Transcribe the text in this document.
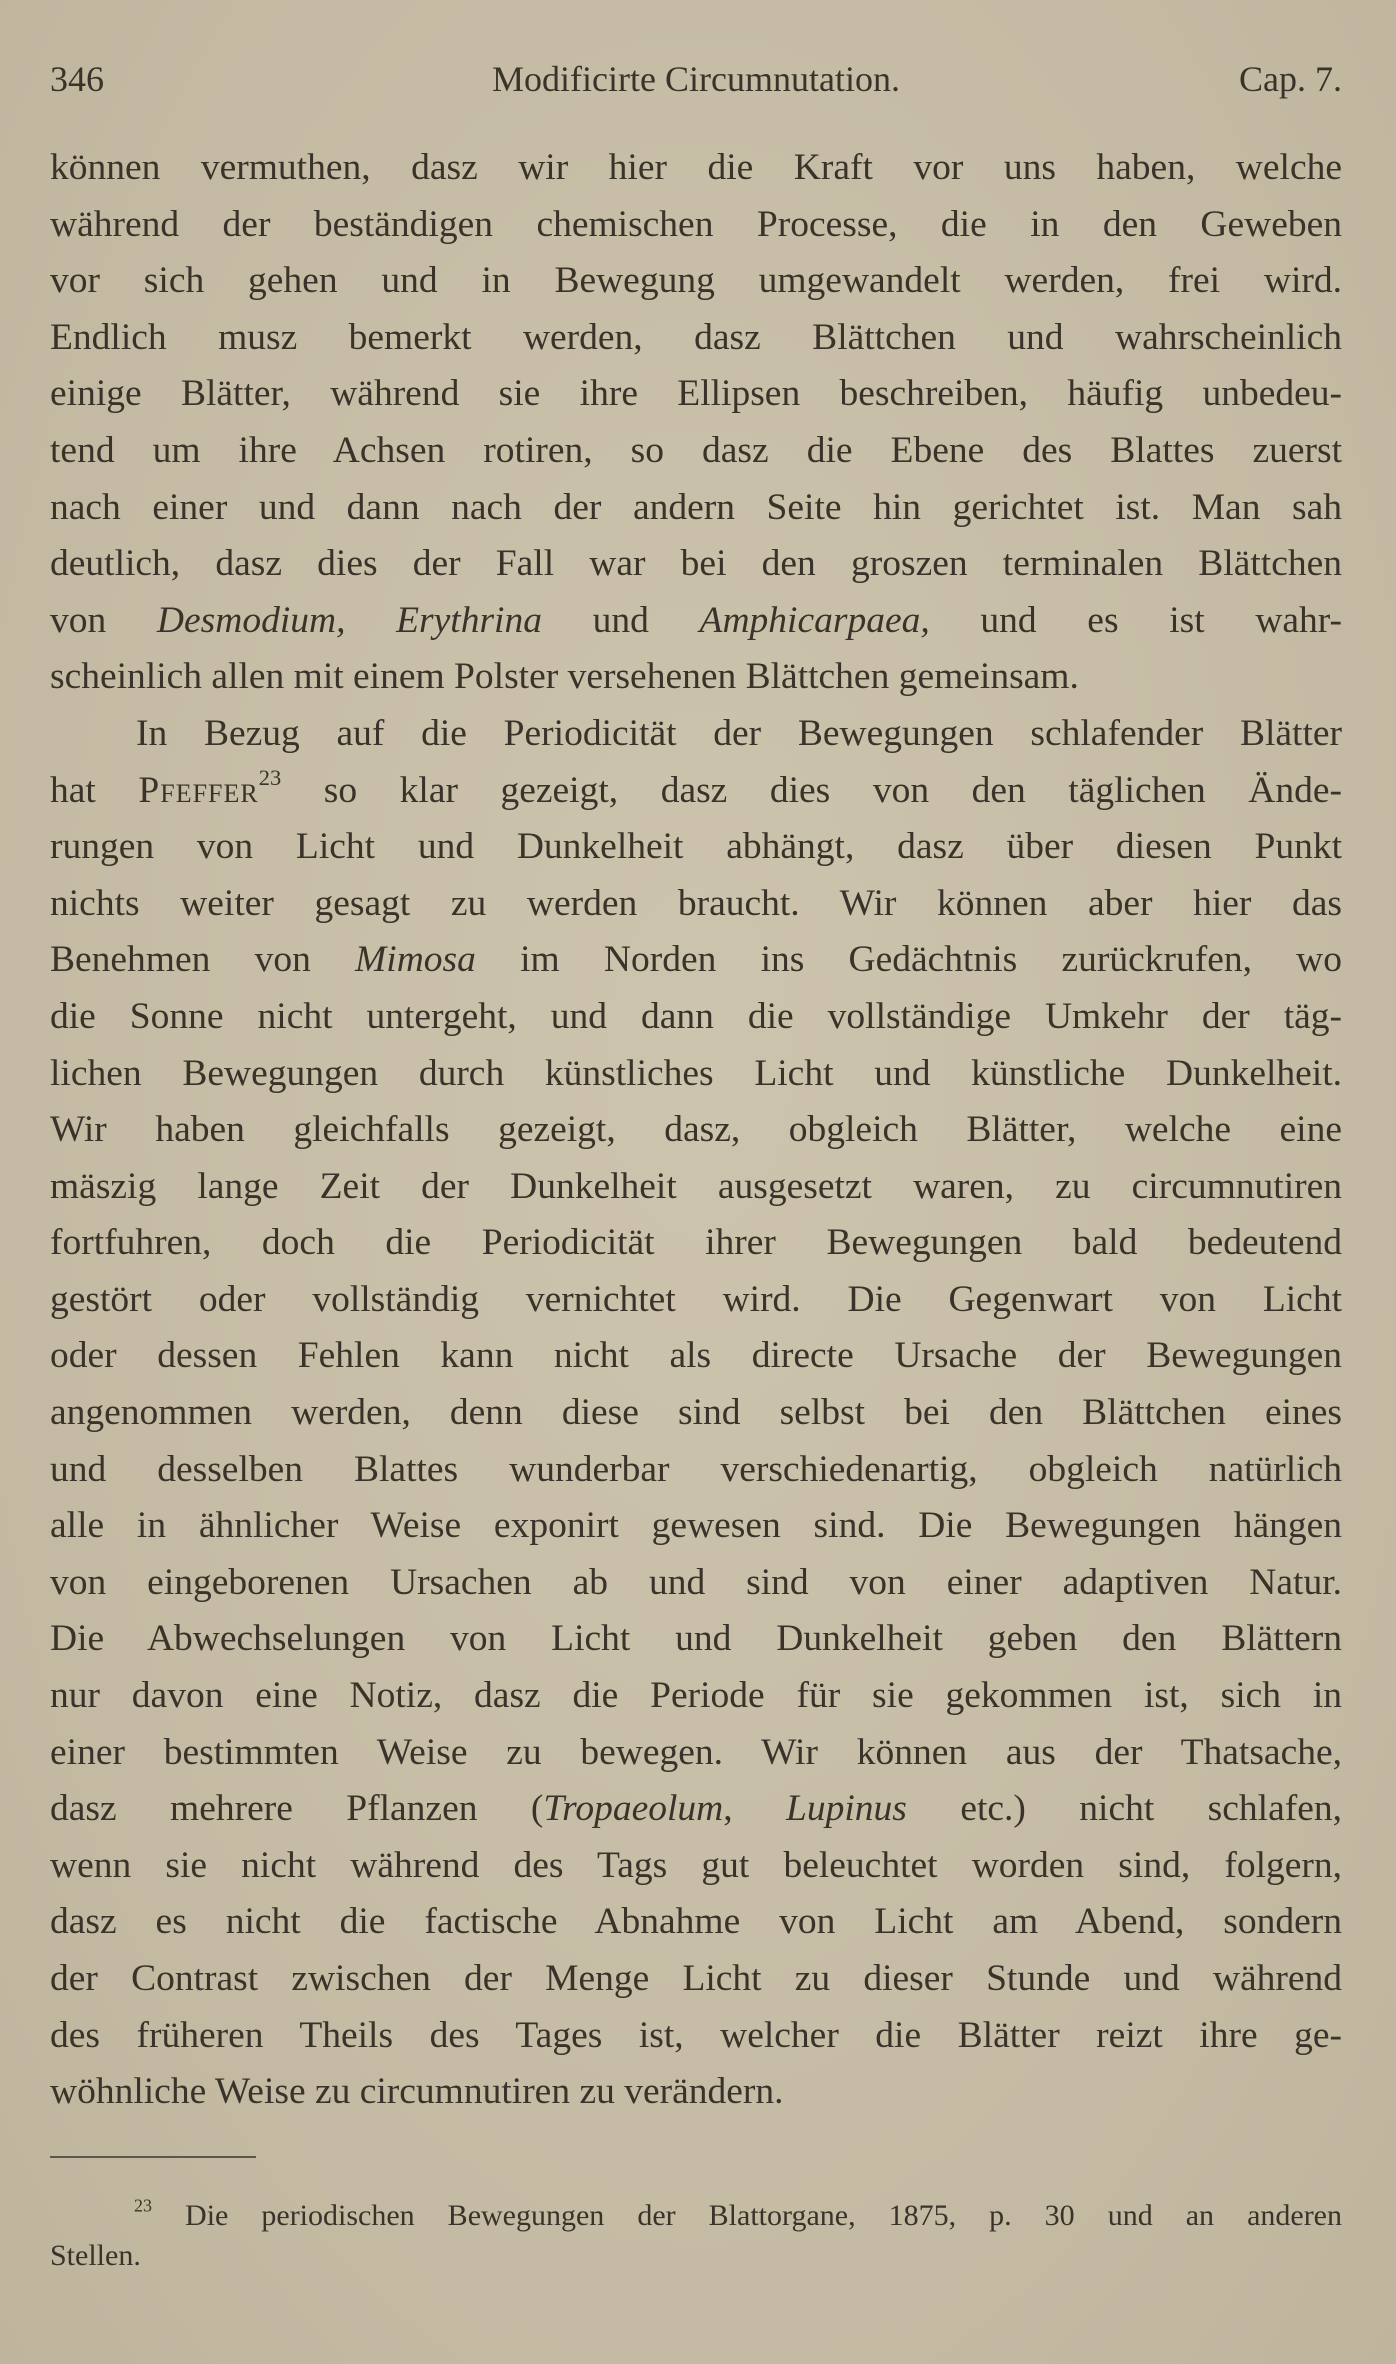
346	Modificirte Circumnutation.	Cap. 7.
können vermuthen, dasz wir hier die Kraft vor uns haben, welche
während der beständigen chemischen Processe, die in den Geweben
vor sich gehen und in Bewegung umgewandelt werden, frei wird.
Endlich musz bemerkt werden, dasz Blättchen und wahrscheinlich
einige Blätter, während sie ihre Ellipsen beschreiben, häufig unbedeu-
tend um ihre Achsen rotiren, so dasz die Ebene des Blattes zuerst
nach einer und dann nach der andern Seite hin gerichtet ist. Man sah
deutlich, dasz dies der Fall war bei den groszen terminalen Blättchen
von Desmodium, Erythrina und Amphicarpaea, und es ist wahr-
scheinlich allen mit einem Polster versehenen Blättchen gemeinsam.
In Bezug auf die Periodicität der Bewegungen schlafender Blätter
hat Pfeffer$^{23}$ so klar gezeigt, dasz dies von den täglichen Ände-
rungen von Licht und Dunkelheit abhängt, dasz über diesen Punkt
nichts weiter gesagt zu werden braucht. Wir können aber hier das
Benehmen von Mimosa im Norden ins Gedächtnis zurückrufen, wo
die Sonne nicht untergeht, und dann die vollständige Umkehr der täg-
lichen Bewegungen durch künstliches Licht und künstliche Dunkelheit.
Wir haben gleichfalls gezeigt, dasz, obgleich Blätter, welche eine
mäszig lange Zeit der Dunkelheit ausgesetzt waren, zu circumnutiren
fortfuhren, doch die Periodicität ihrer Bewegungen bald bedeutend
gestört oder vollständig vernichtet wird. Die Gegenwart von Licht
oder dessen Fehlen kann nicht als directe Ursache der Bewegungen
angenommen werden, denn diese sind selbst bei den Blättchen eines
und desselben Blattes wunderbar verschiedenartig, obgleich natürlich
alle in ähnlicher Weise exponirt gewesen sind. Die Bewegungen hängen
von eingeborenen Ursachen ab und sind von einer adaptiven Natur.
Die Abwechselungen von Licht und Dunkelheit geben den Blättern
nur davon eine Notiz, dasz die Periode für sie gekommen ist, sich in
einer bestimmten Weise zu bewegen. Wir können aus der Thatsache,
dasz mehrere Pflanzen (Tropaeolum, Lupinus etc.) nicht schlafen,
wenn sie nicht während des Tags gut beleuchtet worden sind, folgern,
dasz es nicht die factische Abnahme von Licht am Abend, sondern
der Contrast zwischen der Menge Licht zu dieser Stunde und während
des früheren Theils des Tages ist, welcher die Blätter reizt ihre ge-
wöhnliche Weise zu circumnutiren zu verändern.
$^{23}$ Die periodischen Bewegungen der Blattorgane, 1875, p. 30 und an anderen
Stellen.
